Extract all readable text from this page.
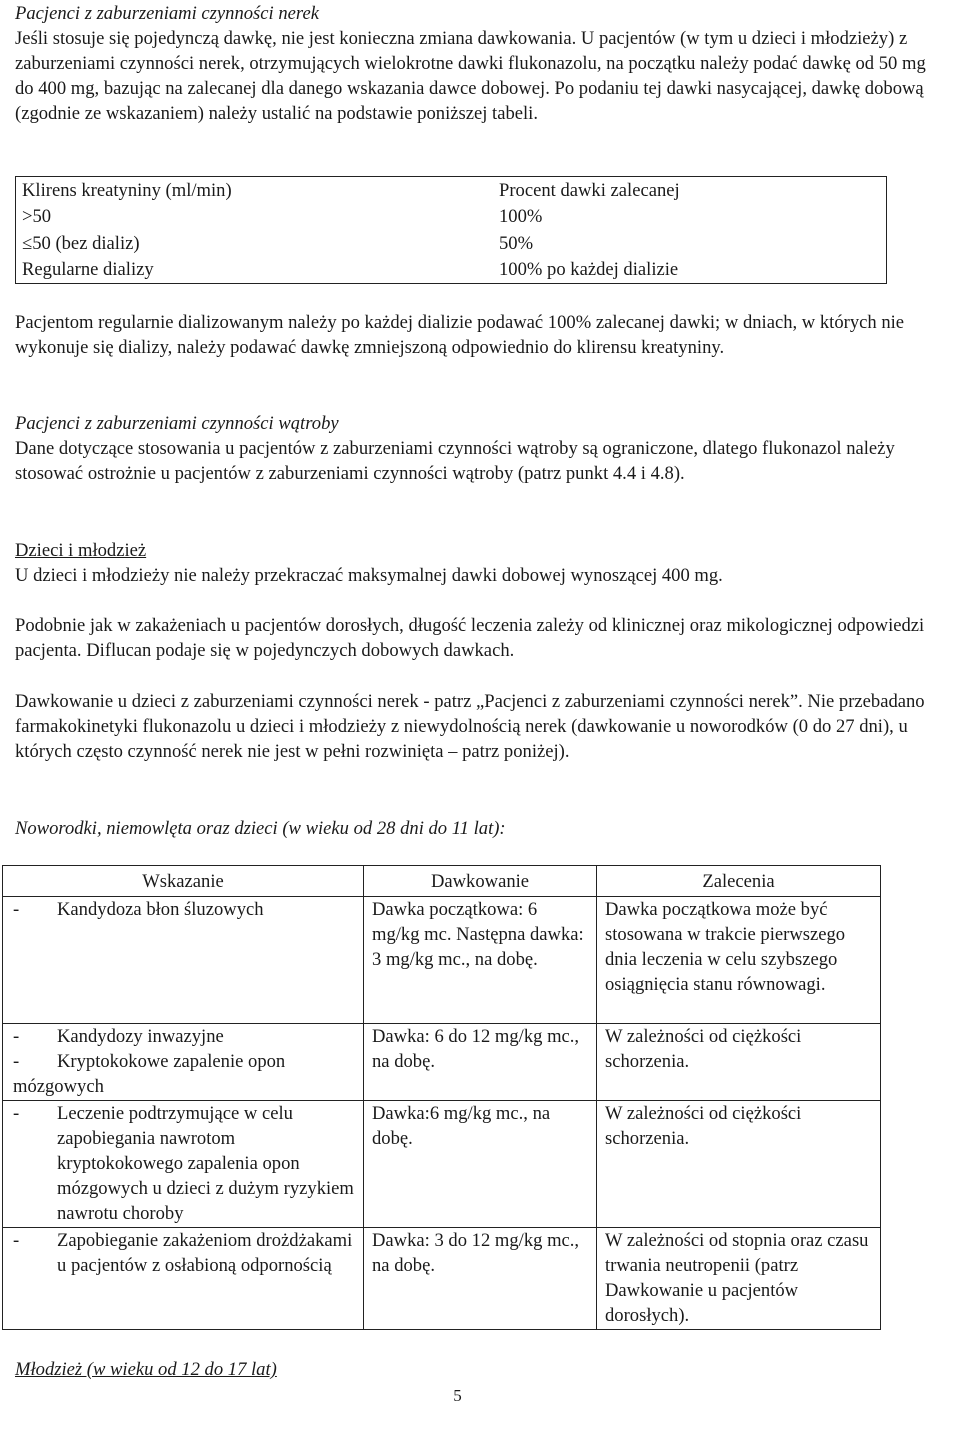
Pacjenci z zaburzeniami czynności nerek

Jeśli stosuje się pojedynczą dawkę, nie jest konieczna zmiana dawkowania. U pacjentów (w tym u dzieci i młodzieży) z zaburzeniami czynności nerek, otrzymujących wielokrotne dawki flukonazolu, na początku należy podać dawkę od 50 mg do 400 mg, bazując na zalecanej dla danego wskazania dawce dobowej. Po podaniu tej dawki nasycającej, dawkę dobową (zgodnie ze wskazaniem) należy ustalić na podstawie poniższej tabeli.

Klirens kreatyniny (ml/min)	Procent dawki zalecanej
>50	100%
≤50 (bez dializ)	50%
Regularne dializy	100% po każdej dializie

Pacjentom regularnie dializowanym należy po każdej dializie podawać 100% zalecanej dawki; w dniach, w których nie wykonuje się dializy, należy podawać dawkę zmniejszoną odpowiednio do klirensu kreatyniny.

Pacjenci z zaburzeniami czynności wątroby

Dane dotyczące stosowania u pacjentów z zaburzeniami czynności wątroby są ograniczone, dlatego flukonazol należy stosować ostrożnie u pacjentów z zaburzeniami czynności wątroby (patrz punkt 4.4 i 4.8).

Dzieci i młodzież

U dzieci i młodzieży nie należy przekraczać maksymalnej dawki dobowej wynoszącej 400 mg.

Podobnie jak w zakażeniach u pacjentów dorosłych, długość leczenia zależy od klinicznej oraz mikologicznej odpowiedzi pacjenta. Diflucan podaje się w pojedynczych dobowych dawkach.

Dawkowanie u dzieci z zaburzeniami czynności nerek - patrz „Pacjenci z zaburzeniami czynności nerek”. Nie przebadano farmakokinetyki flukonazolu u dzieci i młodzieży z niewydolnością nerek (dawkowanie u noworodków (0 do 27 dni), u których często czynność nerek nie jest w pełni rozwinięta – patrz poniżej).

Noworodki, niemowlęta oraz dzieci (w wieku od 28 dni do 11 lat):

Wskazanie	Dawkowanie	Zalecenia

- Kandydoza błon śluzowych	Dawka początkowa: 6 mg/kg mc. Następna dawka: 3 mg/kg mc., na dobę.	Dawka początkowa może być stosowana w trakcie pierwszego dnia leczenia w celu szybszego osiągnięcia stanu równowagi.

- Kandydozy inwazyjne
- Kryptokokowe zapalenie opon mózgowych	Dawka: 6 do 12 mg/kg mc., na dobę.	W zależności od ciężkości schorzenia.

- Leczenie podtrzymujące w celu zapobiegania nawrotom kryptokokowego zapalenia opon mózgowych u dzieci z dużym ryzykiem nawrotu choroby	Dawka:6 mg/kg mc., na dobę.	W zależności od ciężkości schorzenia.

- Zapobieganie zakażeniom drożdżakami u pacjentów z osłabioną odpornością	Dawka: 3 do 12 mg/kg mc., na dobę.	W zależności od stopnia oraz czasu trwania neutropenii (patrz Dawkowanie u pacjentów dorosłych).

Młodzież (w wieku od 12 do 17 lat)

5
